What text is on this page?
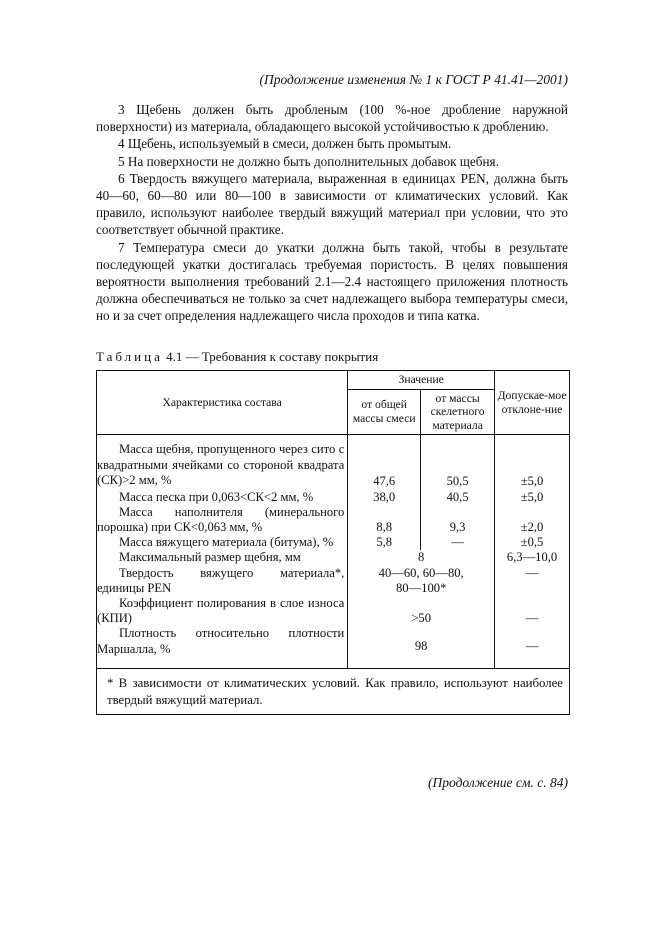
(Продолжение изменения № 1 к ГОСТ Р 41.41—2001)

3 Щебень должен быть дробленым (100 %-ное дробление наружной поверхности) из материала, обладающего высокой устойчивостью к дроблению.

4 Щебень, используемый в смеси, должен быть промытым.

5 На поверхности не должно быть дополнительных добавок щебня.

6 Твердость вяжущего материала, выраженная в единицах PEN, должна быть 40—60, 60—80 или 80—100 в зависимости от климатических условий. Как правило, используют наиболее твердый вяжущий материал при условии, что это соответствует обычной практике.

7 Температура смеси до укатки должна быть такой, чтобы в результате последующей укатки достигалась требуемая пористость. В целях повышения вероятности выполнения требований 2.1—2.4 настоящего приложения плотность должна обеспечиваться не только за счет надлежащего выбора температуры смеси, но и за счет определения надлежащего числа проходов и типа катка.

Таблица 4.1 — Требования к составу покрытия
Характеристика состава	Значение		Допускае-мое отклоне-ние
	от общей массы смеси	от массы скелетного материала	
Масса щебня, пропущенного через сито с квадратными ячейками со стороной квадрата (СК)>2 мм, %	47,6	50,5	±5,0
Масса песка при 0,063<СК<2 мм, %	38,0	40,5	±5,0
Масса наполнителя (минерального порошка) при СК<0,063 мм, %	8,8	9,3	±2,0
Масса вяжущего материала (битума), %	5,8	—	±0,5
Максимальный размер щебня, мм	8		6,3—10,0
Твердость вяжущего материала*, единицы PEN	40—60, 60—80, 80—100*		—
Коэффициент полирования в слое износа (КПИ)	>50		—
Плотность относительно плотности Маршалла, %	98		—
* В зависимости от климатических условий. Как правило, используют наиболее твердый вяжущий материал.			
(Продолжение см. с. 84)
